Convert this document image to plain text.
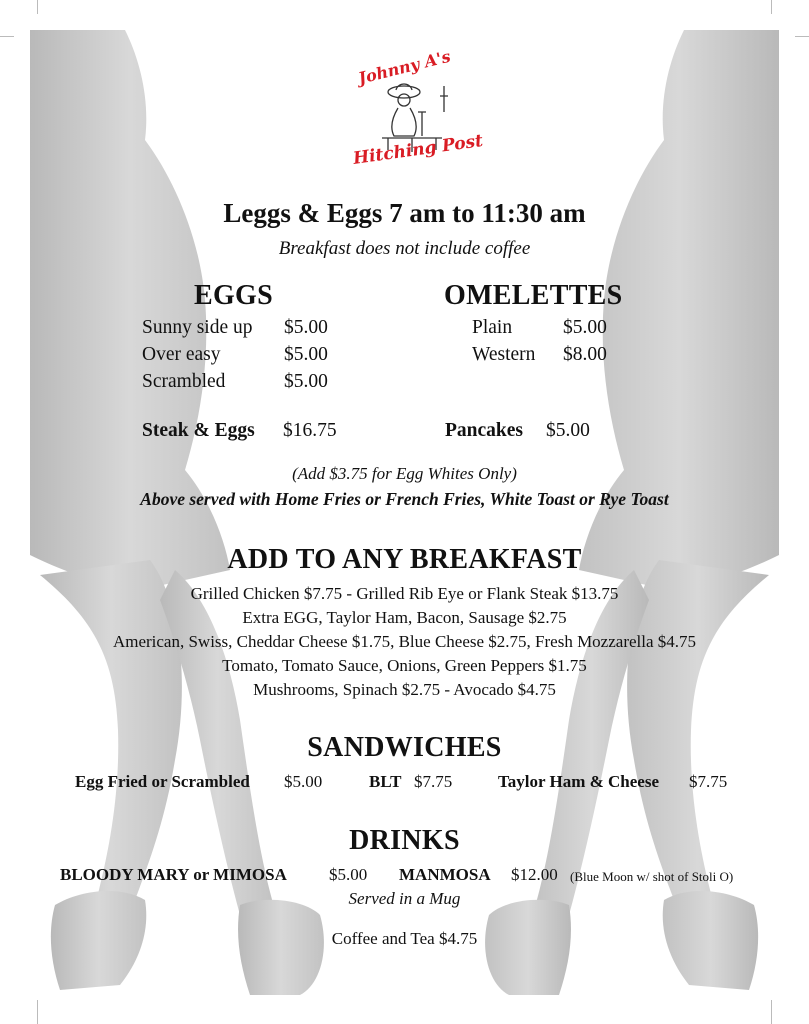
Johnny A's
Hitching Post
Leggs & Eggs 7 am to 11:30 am
Breakfast does not include coffee
EGGS
Sunny side up $5.00
Over easy	$5.00
Scrambled	$5.00
Steak & Eggs $16.75
OMELETTES
Plain	$5.00
Western $8.00
Pancakes $5.00
(Add $3.75 for Egg Whites Only)
Above served with Home Fries or French Fries, White Toast or Rye Toast
ADD TO ANY BREAKFAST
Grilled Chicken $7.75 - Grilled Rib Eye or Flank Steak $13.75
Extra EGG, Taylor Ham, Bacon, Sausage $2.75
American, Swiss, Cheddar Cheese $1.75, Blue Cheese $2.75, Fresh Mozzarella $4.75
Tomato, Tomato Sauce, Onions, Green Peppers $1.75
Mushrooms, Spinach $2.75 - Avocado $4.75
SANDWICHES
Egg Fried or Scrambled $5.00	BLT $7.75	Taylor Ham & Cheese $7.75
DRINKS
BLOODY MARY or MIMOSA $5.00 MANMOSA $12.00 (Blue Moon w/ shot of Stoli O)
Served in a Mug
Coffee and Tea $4.75
